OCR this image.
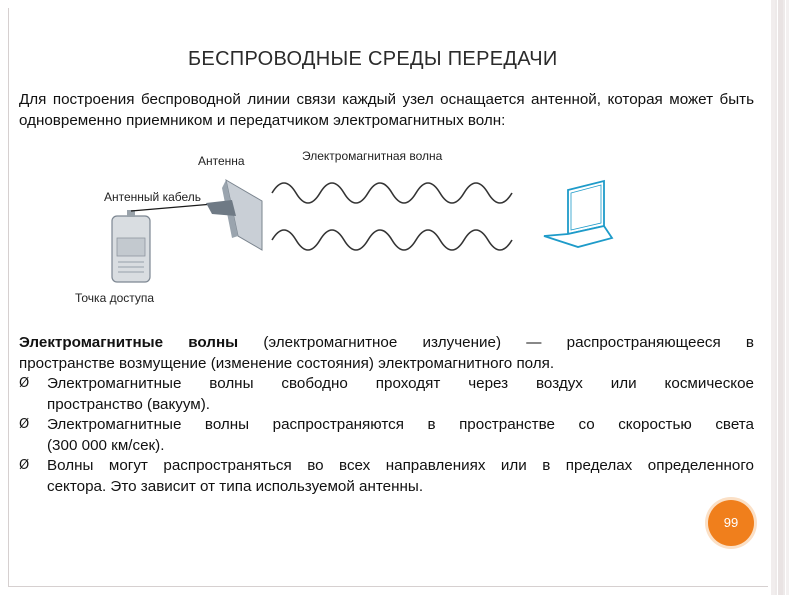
БЕСПРОВОДНЫЕ СРЕДЫ ПЕРЕДАЧИ
Для построения беспроводной линии связи каждый узел оснащается антенной, которая может быть одновременно приемником и передатчиком электромагнитных волн:
Антенна	Электромагнитная волна
Антенный кабель
Точка доступа

Электромагнитные волны (электромагнитное излучение) — распространяющееся в

пространстве возмущение (изменение состояния) электромагнитного поля.

Ø Электромагнитные волны свободно проходят через воздух или космическое

пространство (вакуум).

Ø Электромагнитные волны распространяются в пространстве со скоростью света

(300 000 км/сек).

Ø Волны могут распространяться во всех направлениях или в пределах определенного

сектора. Это зависит от типа используемой антенны.

99
